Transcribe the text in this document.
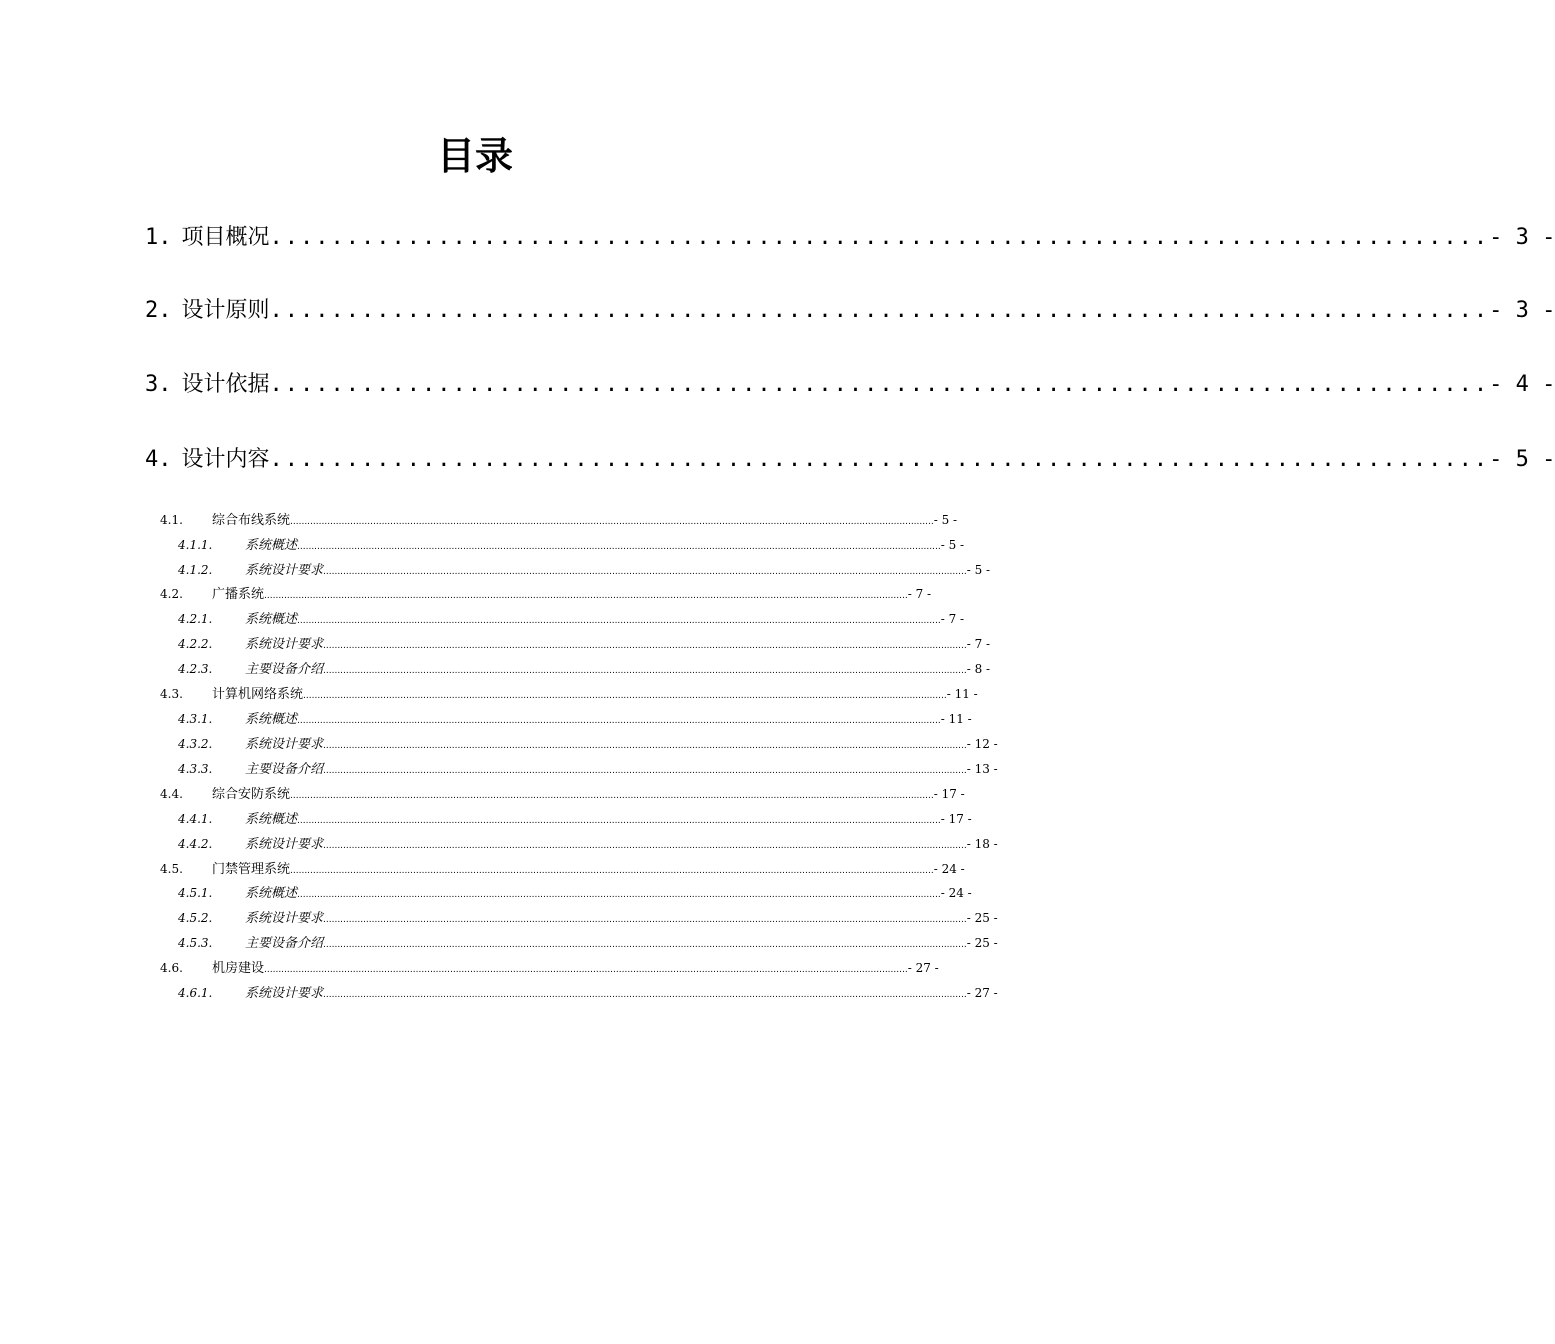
目录
1. 项目概况 ................................................................................ - 3 -
2. 设计原则 ................................................................................ - 3 -
3. 设计依据 ................................................................................ - 4 -
4. 设计内容 ................................................................................ - 5 -
4.1.	综合布线系统 ................................................................................................................................................................................................................................. - 5 -
4.1.1.	系统概述 ................................................................................................................................................................................................................................. - 5 -
4.1.2.	系统设计要求 ................................................................................................................................................................................................................................. - 5 -
4.2.	广播系统 ................................................................................................................................................................................................................................. - 7 -
4.2.1.	系统概述 ................................................................................................................................................................................................................................. - 7 -
4.2.2.	系统设计要求 ................................................................................................................................................................................................................................. - 7 -
4.2.3.	主要设备介绍 ................................................................................................................................................................................................................................. - 8 -
4.3.	计算机网络系统 ................................................................................................................................................................................................................................. - 11 -
4.3.1.	系统概述 ................................................................................................................................................................................................................................. - 11 -
4.3.2.	系统设计要求 ................................................................................................................................................................................................................................. - 12 -
4.3.3.	主要设备介绍 ................................................................................................................................................................................................................................. - 13 -
4.4.	综合安防系统 ................................................................................................................................................................................................................................. - 17 -
4.4.1.	系统概述 ................................................................................................................................................................................................................................. - 17 -
4.4.2.	系统设计要求 ................................................................................................................................................................................................................................. - 18 -
4.5.	门禁管理系统 ................................................................................................................................................................................................................................. - 24 -
4.5.1.	系统概述 ................................................................................................................................................................................................................................. - 24 -
4.5.2.	系统设计要求 ................................................................................................................................................................................................................................. - 25 -
4.5.3.	主要设备介绍 ................................................................................................................................................................................................................................. - 25 -
4.6.	机房建设 ................................................................................................................................................................................................................................. - 27 -
4.6.1.	系统设计要求 ................................................................................................................................................................................................................................. - 27 -
